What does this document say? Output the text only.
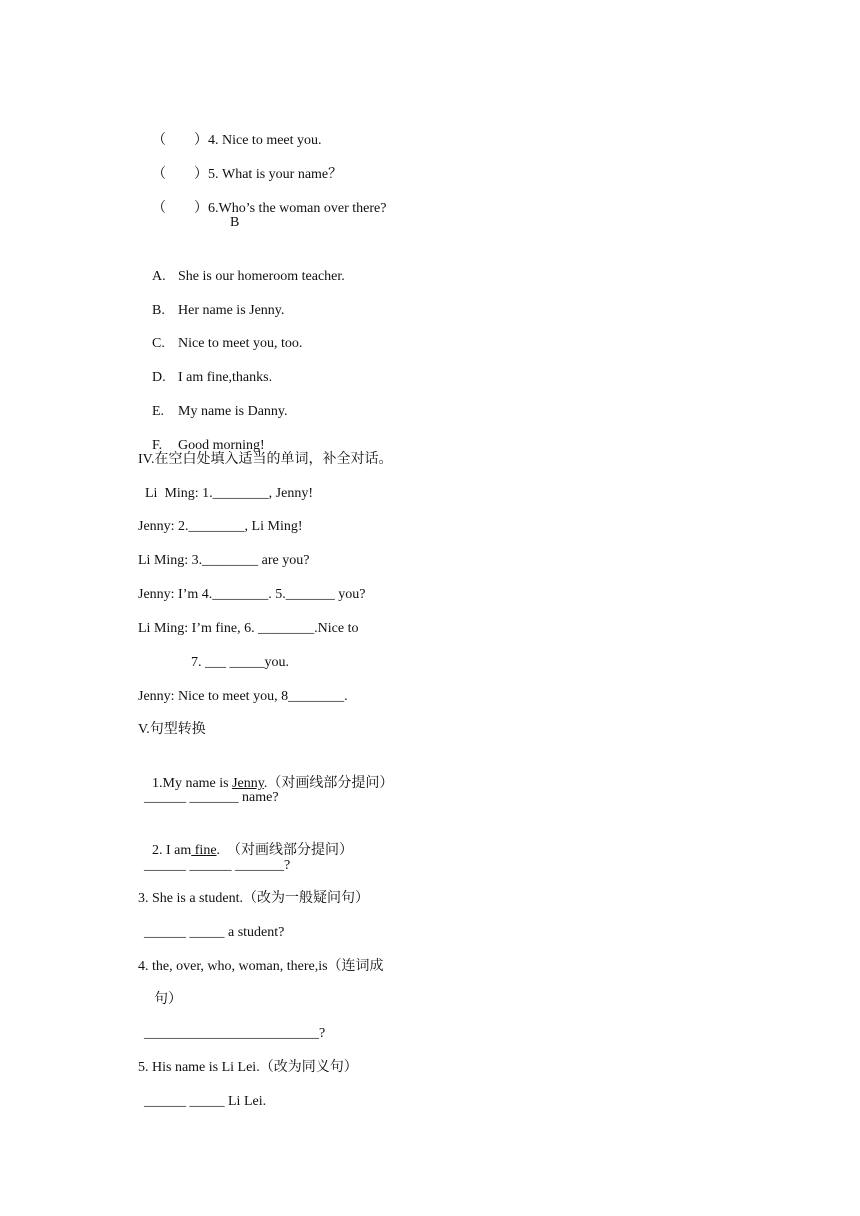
（　　）4. Nice to meet you.

（　　）5. What is your name？

（　　）6.Who’s the woman over there?

B

A. She is our homeroom teacher.

B. Her name is Jenny.

C. Nice to meet you, too.

D. I am fine,thanks.

E. My name is Danny.

F. Good morning!

IV.在空白处填入适当的单词，补全对话。
Li  Ming: 1.________, Jenny!
Jenny: 2.________, Li Ming!
Li Ming: 3.________ are you?
Jenny: I’m 4.________. 5._______ you?
Li Ming: I’m fine, 6. ________.Nice to
7. ___ _____you.
Jenny: Nice to meet you, 8________.
V.句型转换

1.My name is Jenny.（对画线部分提问）

______ _______ name?

2. I am fine.  （对画线部分提问）

______ ______ _______?
3. She is a student.（改为一般疑问句）
______ _____ a student?
4. the, over, who, woman, there,is（连词成
句）
_________________________?
5. His name is Li Lei.（改为同义句）
______ _____ Li Lei.
